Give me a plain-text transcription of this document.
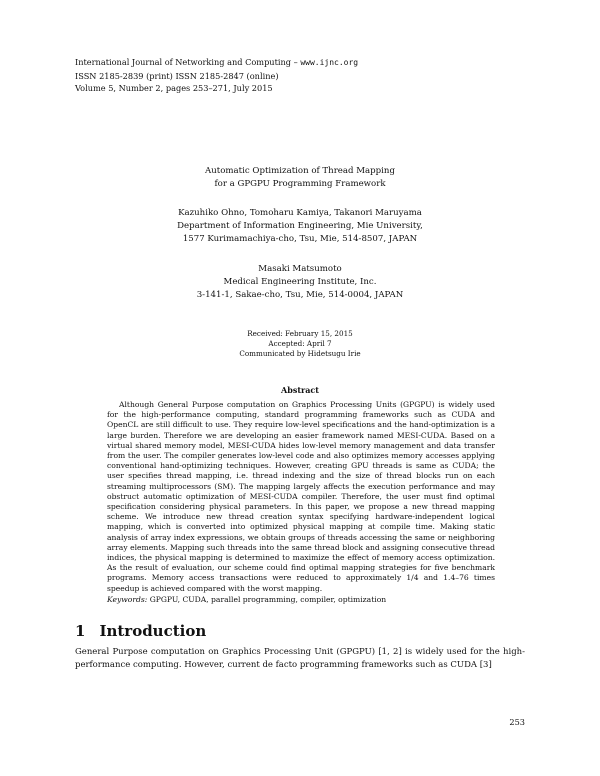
International Journal of Networking and Computing – www.ijnc.org
ISSN 2185-2839 (print) ISSN 2185-2847 (online)
Volume 5, Number 2, pages 253–271, July 2015
Automatic Optimization of Thread Mapping
for a GPGPU Programming Framework
Kazuhiko Ohno, Tomoharu Kamiya, Takanori Maruyama
Department of Information Engineering, Mie University,
1577 Kurimamachiya-cho, Tsu, Mie, 514-8507, JAPAN
Masaki Matsumoto
Medical Engineering Institute, Inc.
3-141-1, Sakae-cho, Tsu, Mie, 514-0004, JAPAN
Received: February 15, 2015
Accepted: April 7
Communicated by Hidetsugu Irie
Abstract

Although General Purpose computation on Graphics Processing Units (GPGPU) is widely used for the high-performance computing, standard programming frameworks such as CUDA and OpenCL are still difficult to use. They require low-level specifications and the hand-optimization is a large burden. Therefore we are developing an easier framework named MESI-CUDA. Based on a virtual shared memory model, MESI-CUDA hides low-level memory management and data transfer from the user. The compiler generates low-level code and also optimizes memory accesses applying conventional hand-optimizing techniques. However, creating GPU threads is same as CUDA; the user specifies thread mapping, i.e. thread indexing and the size of thread blocks run on each streaming multiprocessors (SM). The mapping largely affects the execution performance and may obstruct automatic optimization of MESI-CUDA compiler. Therefore, the user must find optimal specification considering physical parameters. In this paper, we propose a new thread mapping scheme. We introduce new thread creation syntax specifying hardware-independent logical mapping, which is converted into optimized physical mapping at compile time. Making static analysis of array index expressions, we obtain groups of threads accessing the same or neighboring array elements. Mapping such threads into the same thread block and assigning consecutive thread indices, the physical mapping is determined to maximize the effect of memory access optimization. As the result of evaluation, our scheme could find optimal mapping strategies for five benchmark programs. Memory access transactions were reduced to approximately 1/4 and 1.4–76 times speedup is achieved compared with the worst mapping.

Keywords: GPGPU, CUDA, parallel programming, compiler, optimization
1 Introduction

General Purpose computation on Graphics Processing Unit (GPGPU) [1, 2] is widely used for the high-performance computing. However, current de facto programming frameworks such as CUDA [3]

253
